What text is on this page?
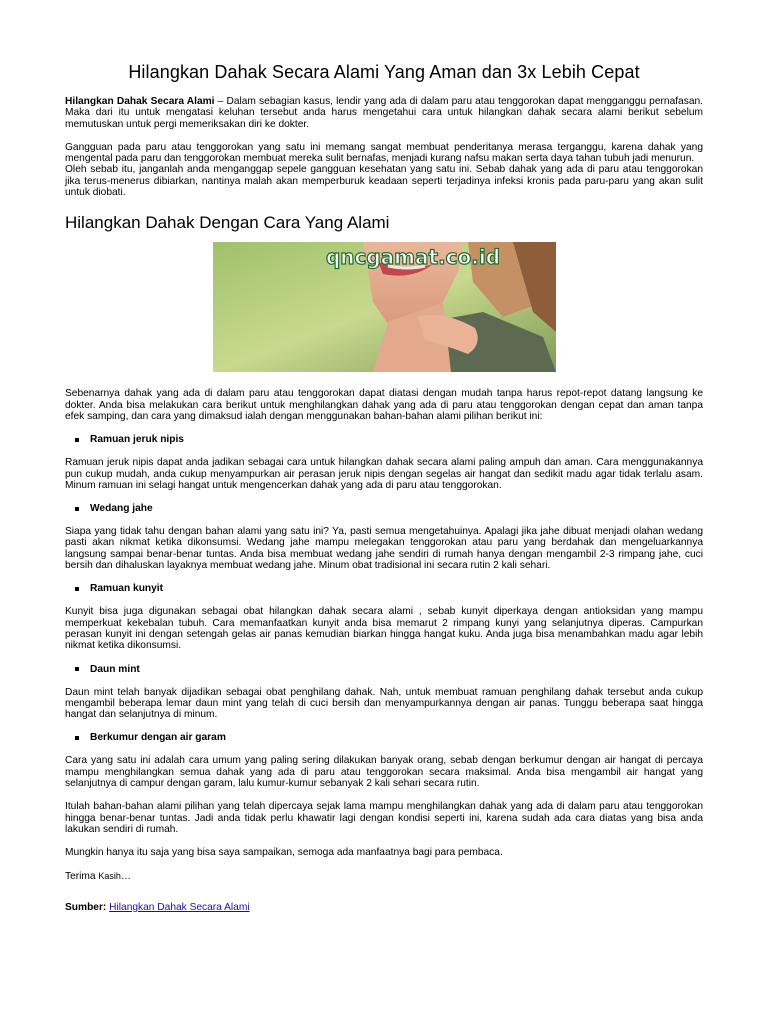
Hilangkan Dahak Secara Alami Yang Aman dan 3x Lebih Cepat

Hilangkan Dahak Secara Alami – Dalam sebagian kasus, lendir yang ada di dalam paru atau tenggorokan dapat mengganggu pernafasan. Maka dari itu untuk mengatasi keluhan tersebut anda harus mengetahui cara untuk hilangkan dahak secara alami berikut sebelum memutuskan untuk pergi memeriksakan diri ke dokter.

Gangguan pada paru atau tenggorokan yang satu ini memang sangat membuat penderitanya merasa terganggu, karena dahak yang mengental pada paru dan tenggorokan membuat mereka sulit bernafas, menjadi kurang nafsu makan serta daya tahan tubuh jadi menurun.

Oleh sebab itu, janganlah anda menganggap sepele gangguan kesehatan yang satu ini. Sebab dahak yang ada di paru atau tenggorokan jika terus-menerus dibiarkan, nantinya malah akan memperburuk keadaan seperti terjadinya infeksi kronis pada paru-paru yang akan sulit untuk diobati.

Hilangkan Dahak Dengan Cara Yang Alami
qncgamat.co.id

Sebenarnya dahak yang ada di dalam paru atau tenggorokan dapat diatasi dengan mudah tanpa harus repot-repot datang langsung ke dokter. Anda bisa melakukan cara berikut untuk menghilangkan dahak yang ada di paru atau tenggorokan dengan cepat dan aman tanpa efek samping, dan cara yang dimaksud ialah dengan menggunakan bahan-bahan alami pilihan berikut ini:

Ramuan jeruk nipis

Ramuan jeruk nipis dapat anda jadikan sebagai cara untuk hilangkan dahak secara alami paling ampuh dan aman. Cara menggunakannya pun cukup mudah, anda cukup menyampurkan air perasan jeruk nipis dengan segelas air hangat dan sedikit madu agar tidak terlalu asam. Minum ramuan ini selagi hangat untuk mengencerkan dahak yang ada di paru atau tenggorokan.

Wedang jahe

Siapa yang tidak tahu dengan bahan alami yang satu ini? Ya, pasti semua mengetahuinya. Apalagi jika jahe dibuat menjadi olahan wedang pasti akan nikmat ketika dikonsumsi. Wedang jahe mampu melegakan tenggorokan atau paru yang berdahak dan mengeluarkannya langsung sampai benar-benar tuntas. Anda bisa membuat wedang jahe sendiri di rumah hanya dengan mengambil 2-3 rimpang jahe, cuci bersih dan dihaluskan layaknya membuat wedang jahe. Minum obat tradisional ini secara rutin 2 kali sehari.

Ramuan kunyit

Kunyit bisa juga digunakan sebagai obat hilangkan dahak secara alami , sebab kunyit diperkaya dengan antioksidan yang mampu memperkuat kekebalan tubuh. Cara memanfaatkan kunyit anda bisa memarut 2 rimpang kunyi yang selanjutnya diperas. Campurkan perasan kunyit ini dengan setengah gelas air panas kemudian biarkan hingga hangat kuku. Anda juga bisa menambahkan madu agar lebih nikmat ketika dikonsumsi.

Daun mint

Daun mint telah banyak dijadikan sebagai obat penghilang dahak. Nah, untuk membuat ramuan penghilang dahak tersebut anda cukup mengambil beberapa lemar daun mint yang telah di cuci bersih dan menyampurkannya dengan air panas. Tunggu beberapa saat hingga hangat dan selanjutnya di minum.

Berkumur dengan air garam

Cara yang satu ini adalah cara umum yang paling sering dilakukan banyak orang, sebab dengan berkumur dengan air hangat di percaya mampu menghilangkan semua dahak yang ada di paru atau tenggorokan secara maksimal. Anda bisa mengambil air hangat yang selanjutnya di campur dengan garam, lalu kumur-kumur sebanyak 2 kali sehari secara rutin.

Itulah bahan-bahan alami pilihan yang telah dipercaya sejak lama mampu menghilangkan dahak yang ada di dalam paru atau tenggorokan hingga benar-benar tuntas. Jadi anda tidak perlu khawatir lagi dengan kondisi seperti ini, karena sudah ada cara diatas yang bisa anda lakukan sendiri di rumah.

Mungkin hanya itu saja yang bisa saya sampaikan, semoga ada manfaatnya bagi para pembaca.

Terima Kasih…

Sumber: Hilangkan Dahak Secara Alami
